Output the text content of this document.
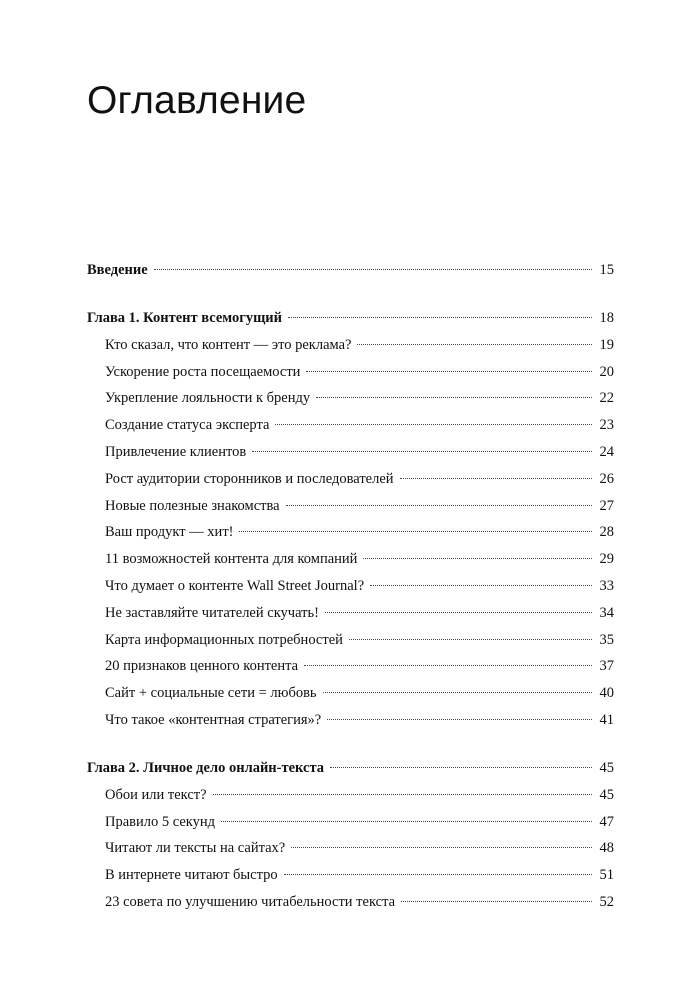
Оглавление
Введение	15
Глава 1. Контент всемогущий	18
Кто сказал, что контент — это реклама?	19
Ускорение роста посещаемости	20
Укрепление лояльности к бренду	22
Создание статуса эксперта	23
Привлечение клиентов	24
Рост аудитории сторонников и последователей	26
Новые полезные знакомства	27
Ваш продукт — хит!	28
11 возможностей контента для компаний	29
Что думает о контенте Wall Street Journal?	33
Не заставляйте читателей скучать!	34
Карта информационных потребностей	35
20 признаков ценного контента	37
Сайт + социальные сети = любовь	40
Что такое «контентная стратегия»?	41
Глава 2. Личное дело онлайн-текста	45
Обои или текст?	45
Правило 5 секунд	47
Читают ли тексты на сайтах?	48
В интернете читают быстро	51
23 совета по улучшению читабельности текста	52
